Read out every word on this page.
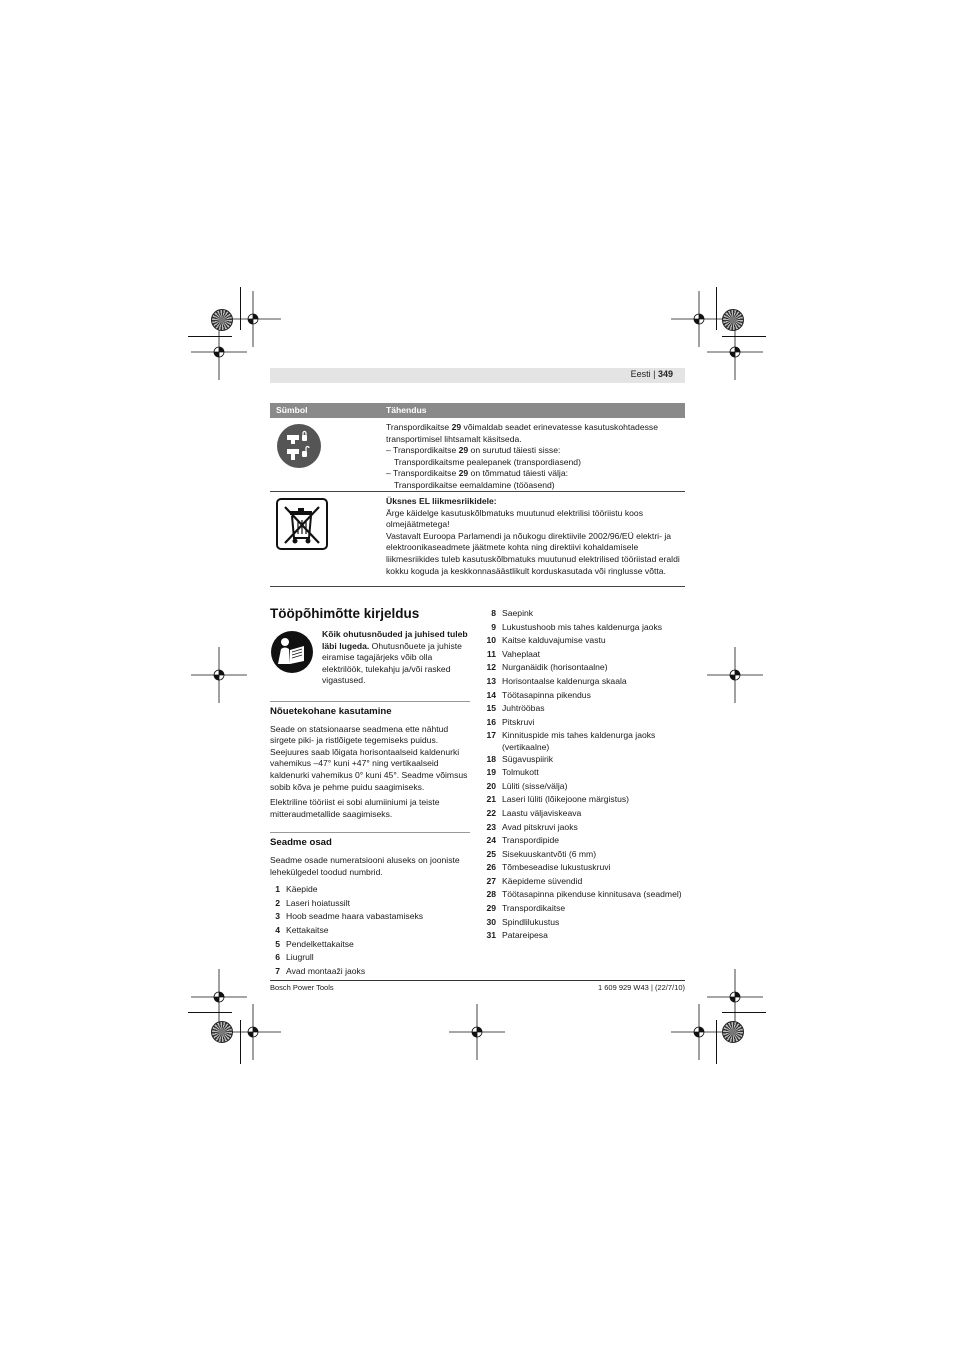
Eesti | 349
Sümbol	Tähendus

Transpordikaitse 29 võimaldab seadet erinevatesse kasutuskohtadesse transportimisel lihtsamalt käsitseda.

– Transpordikaitse 29 on surutud täiesti sisse:

Transpordikaitsme pealepanek (transpordiasend)

– Transpordikaitse 29 on tõmmatud täiesti välja:

Transpordikaitse eemaldamine (tööasend)

Üksnes EL liikmesriikidele:

Ärge käidelge kasutuskõlbmatuks muutunud elektrilisi tööriistu koos olmejäätmetega!

Vastavalt Euroopa Parlamendi ja nõukogu direktiivile 2002/96/EÜ elektri- ja elektroonikaseadmete jäätmete kohta ning direktiivi kohaldamisele liikmesriikides tuleb kasutuskõlbmatuks muutunud elektrilised tööriistad eraldi kokku koguda ja keskkonnasäästlikult korduskasutada või ringlusse võtta.

Tööpõhimõtte kirjeldus
Kõik ohutusnõuded ja juhised tuleb läbi lugeda. Ohutusnõuete ja juhiste eiramise tagajärjeks võib olla elektrilöök, tulekahju ja/või rasked vigastused.
Nõuetekohane kasutamine

Seade on statsionaarse seadmena ette nähtud sirgete piki- ja ristlõigete tegemiseks puidus. Seejuures saab lõigata horisontaalseid kaldenurki vahemikus –47° kuni +47° ning vertikaalseid kaldenurki vahemikus 0° kuni 45°. Seadme võimsus sobib kõva je pehme puidu saagimiseks.

Elektriline tööriist ei sobi alumiiniumi ja teiste mitteraudmetallide saagimiseks.

Seadme osad

Seadme osade numeratsiooni aluseks on jooniste lehekülgedel toodud numbrid.

1 Käepide
2 Laseri hoiatussilt
3 Hoob seadme haara vabastamiseks
4 Kettakaitse
5 Pendelkettakaitse
6 Liugrull
7 Avad montaaži jaoks
8 Saepink
9 Lukustushoob mis tahes kaldenurga jaoks
10 Kaitse kalduvajumise vastu
11 Vaheplaat
12 Nurganäidik (horisontaalne)
13 Horisontaalse kaldenurga skaala
14 Töötasapinna pikendus
15 Juhtrööbas
16 Pitskruvi
17 Kinnituspide mis tahes kaldenurga jaoks (vertikaalne)
18 Sügavuspiirik
19 Tolmukott
20 Lüliti (sisse/välja)
21 Laseri lüliti (lõikejoone märgistus)
22 Laastu väljaviskeava
23 Avad pitskruvi jaoks
24 Transpordipide
25 Sisekuuskantvõti (6 mm)
26 Tõmbeseadise lukustuskruvi
27 Käepideme süvendid
28 Töötasapinna pikenduse kinnitusava (seadmel)
29 Transpordikaitse
30 Spindlilukustus
31 Patareipesa
Bosch Power Tools	1 609 929 W43 | (22/7/10)
